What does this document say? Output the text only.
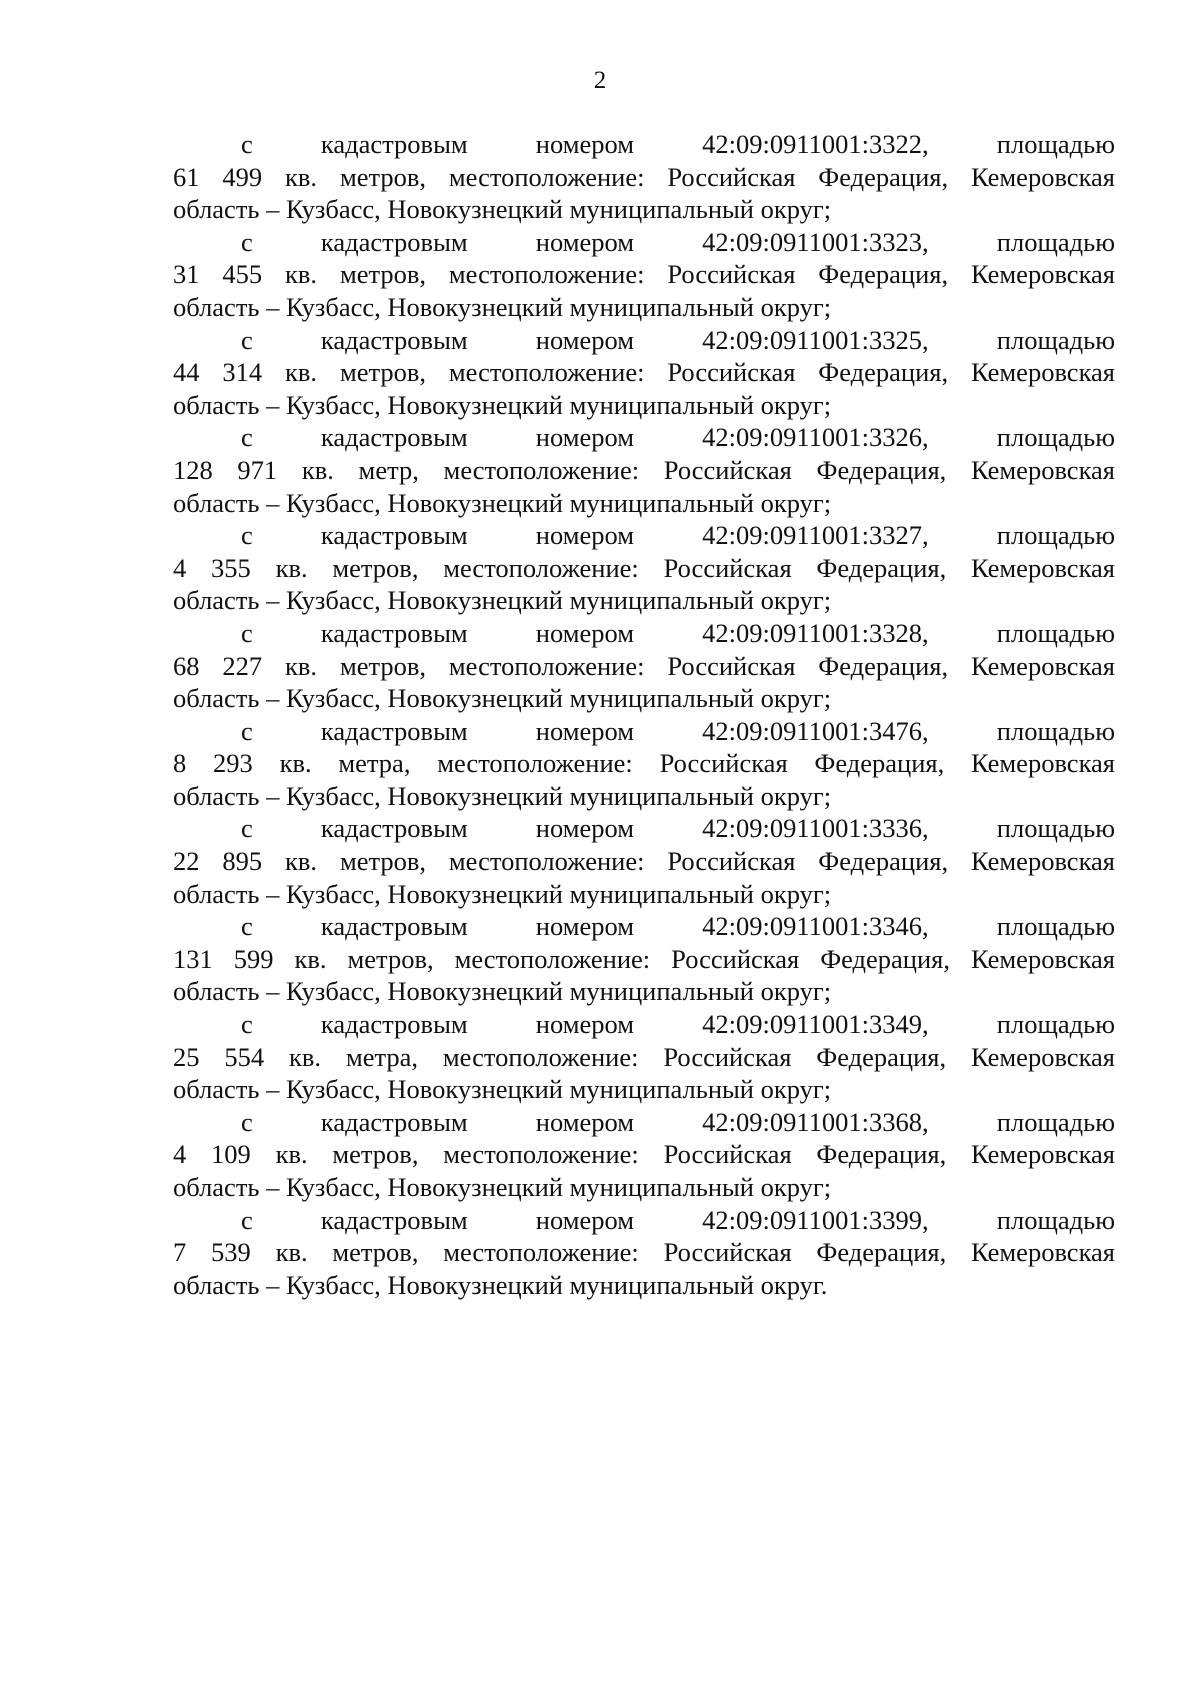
2

с кадастровым номером 42:09:0911001:3322, площадью
61 499 кв. метров, местоположение: Российская Федерация, Кемеровская
область – Кузбасс, Новокузнецкий муниципальный округ;

с кадастровым номером 42:09:0911001:3323, площадью
31 455 кв. метров, местоположение: Российская Федерация, Кемеровская
область – Кузбасс, Новокузнецкий муниципальный округ;

с кадастровым номером 42:09:0911001:3325, площадью
44 314 кв. метров, местоположение: Российская Федерация, Кемеровская
область – Кузбасс, Новокузнецкий муниципальный округ;

с кадастровым номером 42:09:0911001:3326, площадью
128 971 кв. метр, местоположение: Российская Федерация, Кемеровская
область – Кузбасс, Новокузнецкий муниципальный округ;

с кадастровым номером 42:09:0911001:3327, площадью
4 355 кв. метров, местоположение: Российская Федерация, Кемеровская
область – Кузбасс, Новокузнецкий муниципальный округ;

с кадастровым номером 42:09:0911001:3328, площадью
68 227 кв. метров, местоположение: Российская Федерация, Кемеровская
область – Кузбасс, Новокузнецкий муниципальный округ;

с кадастровым номером 42:09:0911001:3476, площадью
8 293 кв. метра, местоположение: Российская Федерация, Кемеровская
область – Кузбасс, Новокузнецкий муниципальный округ;

с кадастровым номером 42:09:0911001:3336, площадью
22 895 кв. метров, местоположение: Российская Федерация, Кемеровская
область – Кузбасс, Новокузнецкий муниципальный округ;

с кадастровым номером 42:09:0911001:3346, площадью
131 599 кв. метров, местоположение: Российская Федерация, Кемеровская
область – Кузбасс, Новокузнецкий муниципальный округ;

с кадастровым номером 42:09:0911001:3349, площадью
25 554 кв. метра, местоположение: Российская Федерация, Кемеровская
область – Кузбасс, Новокузнецкий муниципальный округ;

с кадастровым номером 42:09:0911001:3368, площадью
4 109 кв. метров, местоположение: Российская Федерация, Кемеровская
область – Кузбасс, Новокузнецкий муниципальный округ;

с кадастровым номером 42:09:0911001:3399, площадью
7 539 кв. метров, местоположение: Российская Федерация, Кемеровская
область – Кузбасс, Новокузнецкий муниципальный округ.
